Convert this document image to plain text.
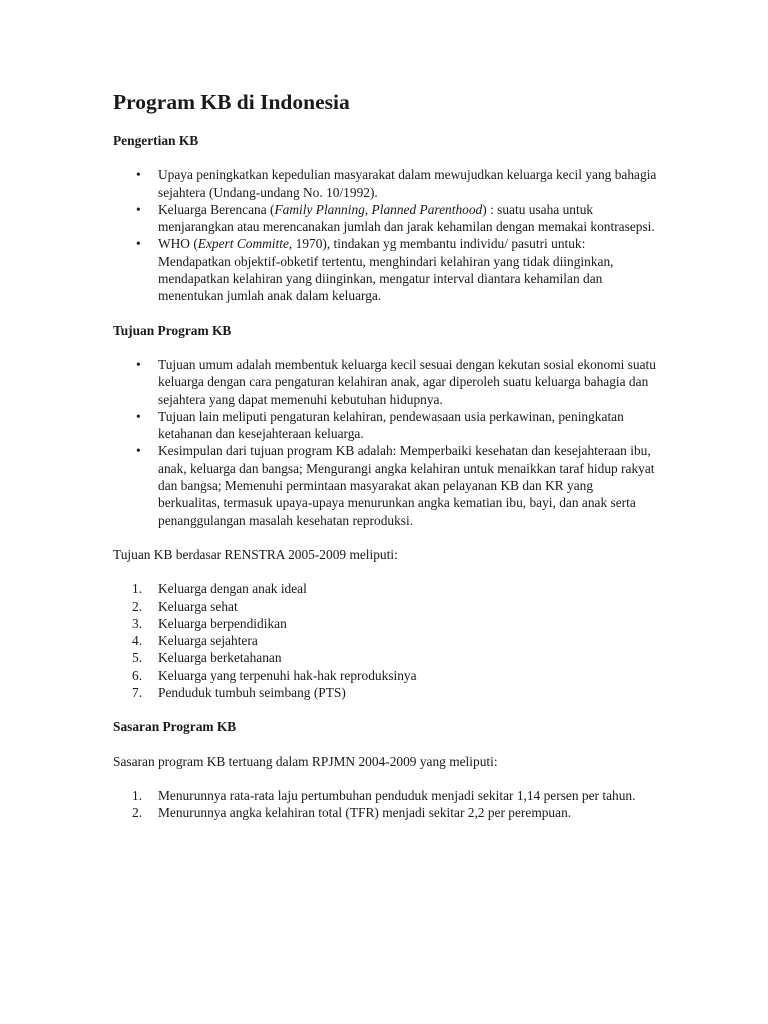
Program KB di Indonesia
Pengertian KB
• Upaya peningkatkan kepedulian masyarakat dalam mewujudkan keluarga kecil yang bahagia sejahtera (Undang-undang No. 10/1992).
• Keluarga Berencana (Family Planning, Planned Parenthood) : suatu usaha untuk menjarangkan atau merencanakan jumlah dan jarak kehamilan dengan memakai kontrasepsi.
• WHO (Expert Committe, 1970), tindakan yg membantu individu/ pasutri untuk: Mendapatkan objektif-obketif tertentu, menghindari kelahiran yang tidak diinginkan, mendapatkan kelahiran yang diinginkan, mengatur interval diantara kehamilan dan menentukan jumlah anak dalam keluarga.
Tujuan Program KB
• Tujuan umum adalah membentuk keluarga kecil sesuai dengan kekutan sosial ekonomi suatu keluarga dengan cara pengaturan kelahiran anak, agar diperoleh suatu keluarga bahagia dan sejahtera yang dapat memenuhi kebutuhan hidupnya.
• Tujuan lain meliputi pengaturan kelahiran, pendewasaan usia perkawinan, peningkatan ketahanan dan kesejahteraan keluarga.
• Kesimpulan dari tujuan program KB adalah: Memperbaiki kesehatan dan kesejahteraan ibu, anak, keluarga dan bangsa; Mengurangi angka kelahiran untuk menaikkan taraf hidup rakyat dan bangsa; Memenuhi permintaan masyarakat akan pelayanan KB dan KR yang berkualitas, termasuk upaya-upaya menurunkan angka kematian ibu, bayi, dan anak serta penanggulangan masalah kesehatan reproduksi.

Tujuan KB berdasar RENSTRA 2005-2009 meliputi:

1. Keluarga dengan anak ideal
2. Keluarga sehat
3. Keluarga berpendidikan
4. Keluarga sejahtera
5. Keluarga berketahanan
6. Keluarga yang terpenuhi hak-hak reproduksinya
7. Penduduk tumbuh seimbang (PTS)
Sasaran Program KB

Sasaran program KB tertuang dalam RPJMN 2004-2009 yang meliputi:

1. Menurunnya rata-rata laju pertumbuhan penduduk menjadi sekitar 1,14 persen per tahun.
2. Menurunnya angka kelahiran total (TFR) menjadi sekitar 2,2 per perempuan.
